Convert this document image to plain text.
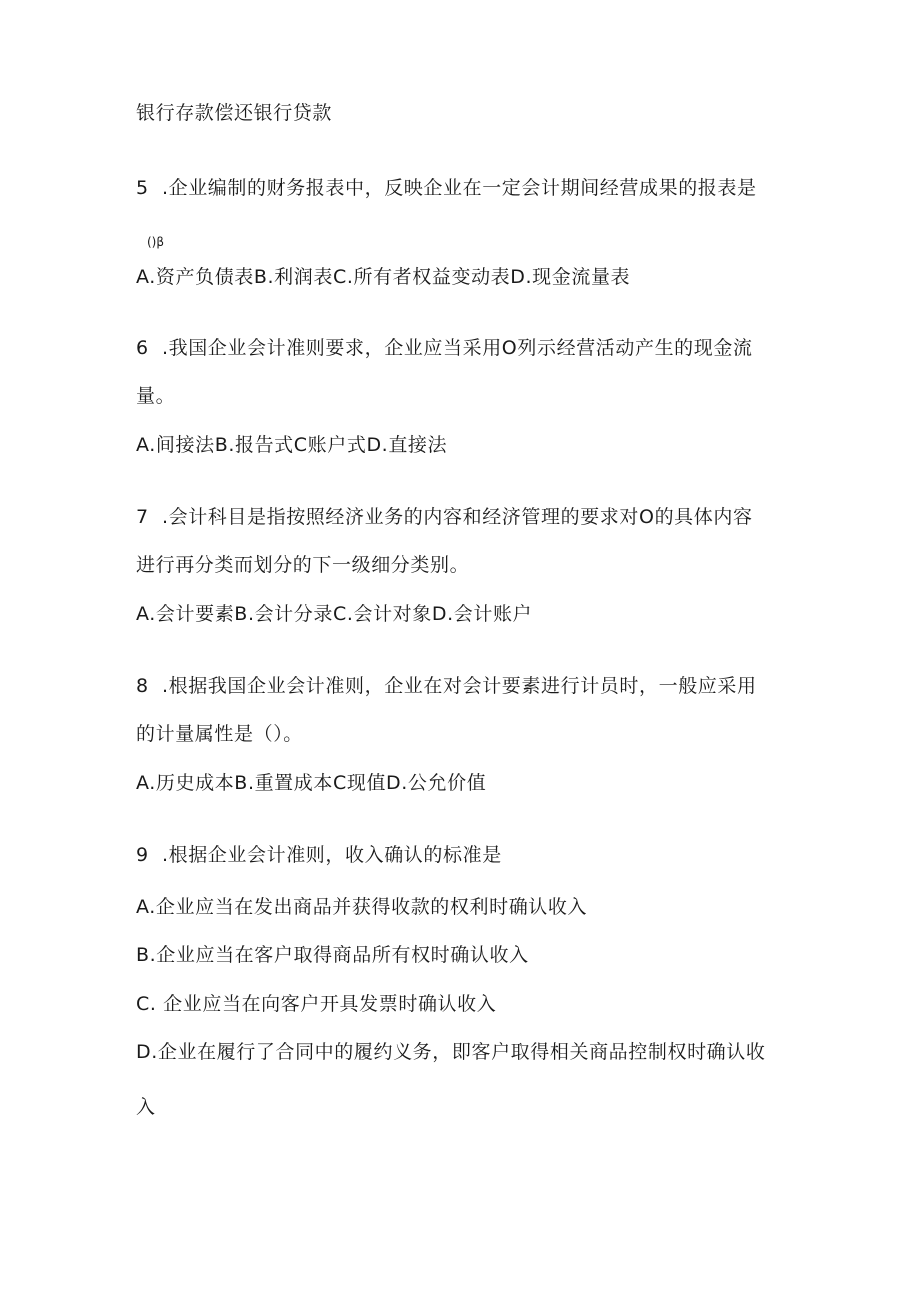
银行存款偿还银行贷款
5  .企业编制的财务报表中，反映企业在一定会计期间经营成果的报表是
()β
A.资产负债表B.利润表C.所有者权益变动表D.现金流量表
6  .我国企业会计准则要求，企业应当采用O列示经营活动产生的现金流
量。
A.间接法B.报告式C账户式D.直接法
7  .会计科目是指按照经济业务的内容和经济管理的要求对O的具体内容
进行再分类而划分的下一级细分类别。
A.会计要素B.会计分录C.会计对象D.会计账户
8  .根据我国企业会计准则，企业在对会计要素进行计员时，一般应采用
的计量属性是（）。
A.历史成本B.重置成本C现值D.公允价值
9  .根据企业会计准则，收入确认的标准是
A.企业应当在发出商品并获得收款的权利时确认收入
B.企业应当在客户取得商品所有权时确认收入
C. 企业应当在向客户开具发票时确认收入
D.企业在履行了合同中的履约义务，即客户取得相关商品控制权时确认收
入
